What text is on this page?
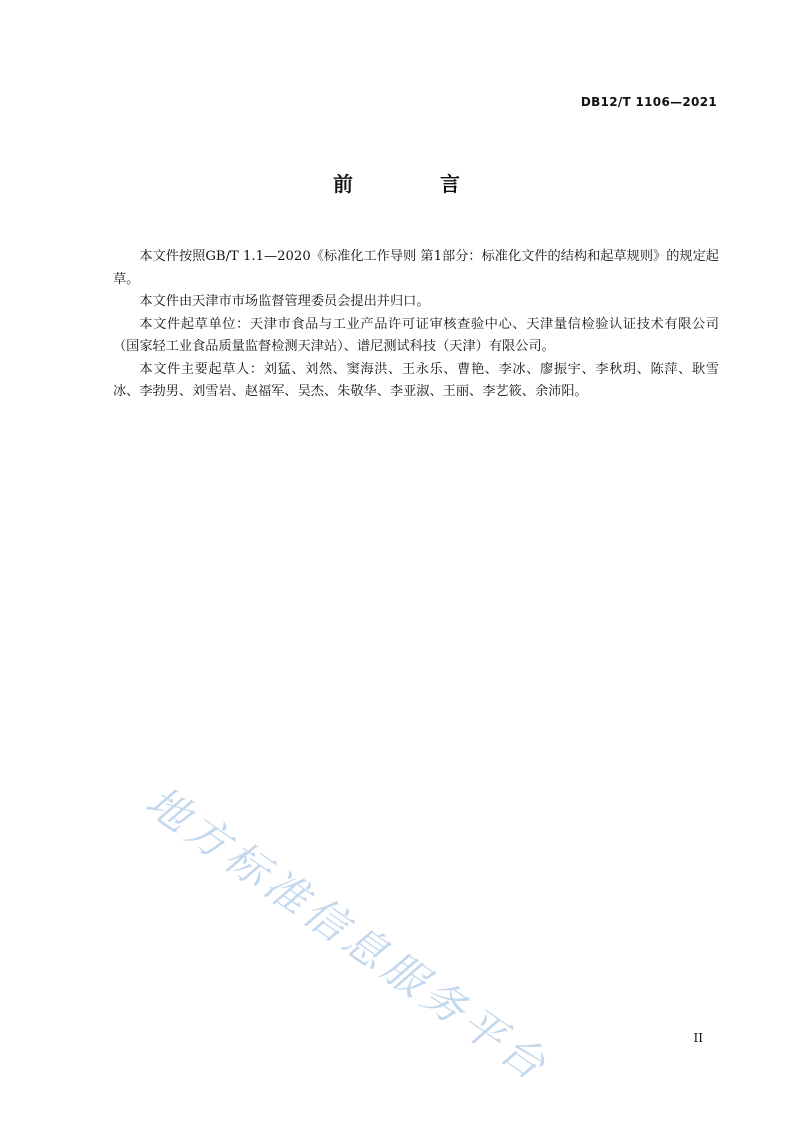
DB12/T 1106—2021
前 言

本文件按照GB/T 1.1—2020《标准化工作导则 第1部分：标准化文件的结构和起草规则》的规定起草。

本文件由天津市市场监督管理委员会提出并归口。

本文件起草单位：天津市食品与工业产品许可证审核查验中心、天津量信检验认证技术有限公司（国家轻工业食品质量监督检测天津站）、谱尼测试科技（天津）有限公司。

本文件主要起草人：刘猛、刘然、窦海洪、王永乐、曹艳、李冰、廖振宇、李秋玥、陈萍、耿雪冰、李勃男、刘雪岩、赵福军、吴杰、朱敬华、李亚淑、王丽、李艺筱、余沛阳。

地方标准信息服务平台	II
